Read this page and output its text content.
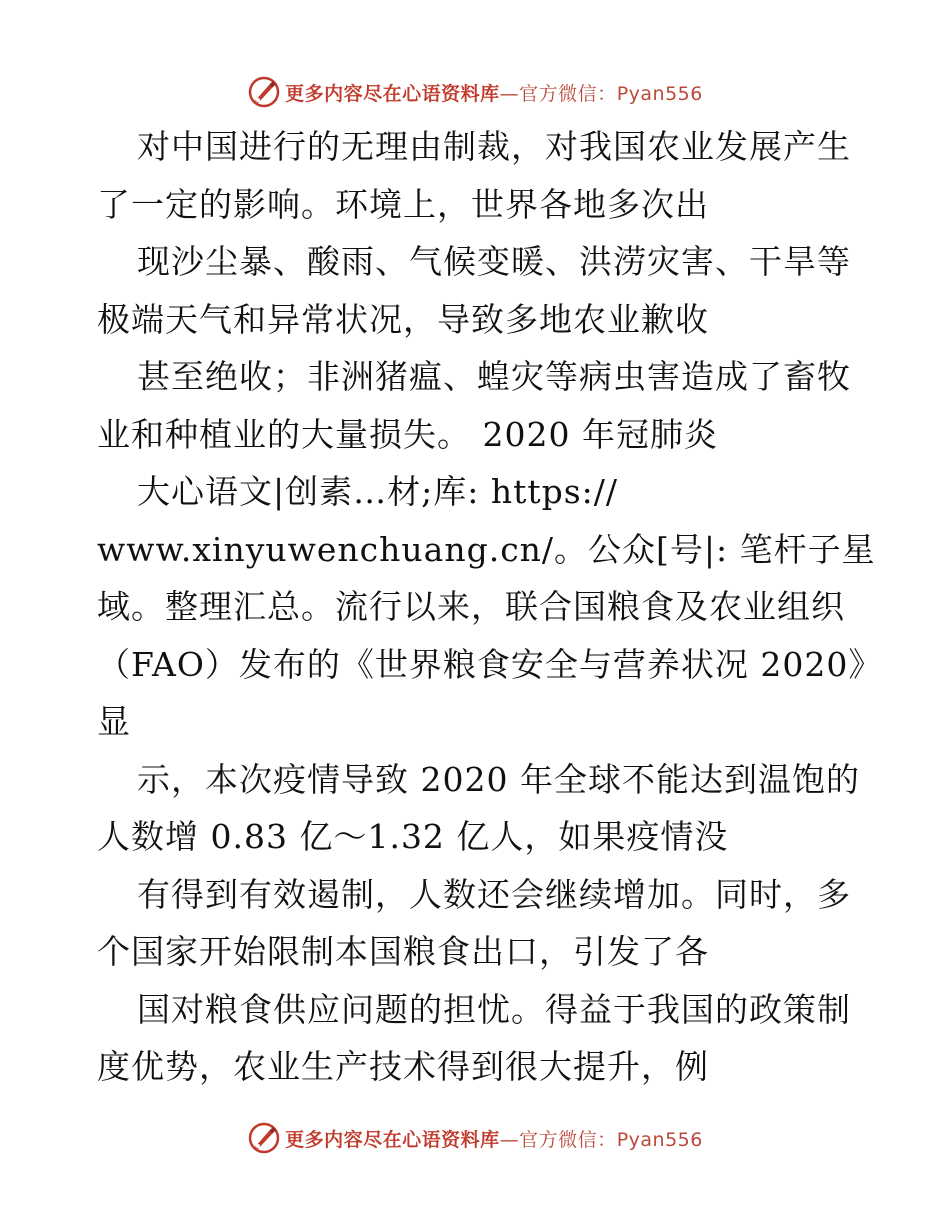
更多内容尽在心语资料库—官方微信：Pyan556
对中国进行的无理由制裁，对我国农业发展产生
了一定的影响。环境上，世界各地多次出
现沙尘暴、酸雨、气候变暖、洪涝灾害、干旱等
极端天气和异常状况，导致多地农业歉收
甚至绝收；非洲猪瘟、蝗灾等病虫害造成了畜牧
业和种植业的大量损失。 2020 年冠肺炎
大心语文|创素…材;库: https://
www.xinyuwenchuang.cn/。公众[号|: 笔杆子星
域。整理汇总。流行以来，联合国粮食及农业组织
（FAO）发布的《世界粮食安全与营养状况 2020》
显
示，本次疫情导致 2020 年全球不能达到温饱的
人数增 0.83 亿～1.32 亿人，如果疫情没
有得到有效遏制，人数还会继续增加。同时，多
个国家开始限制本国粮食出口，引发了各
国对粮食供应问题的担忧。得益于我国的政策制
度优势，农业生产技术得到很大提升，例
更多内容尽在心语资料库—官方微信：Pyan556
